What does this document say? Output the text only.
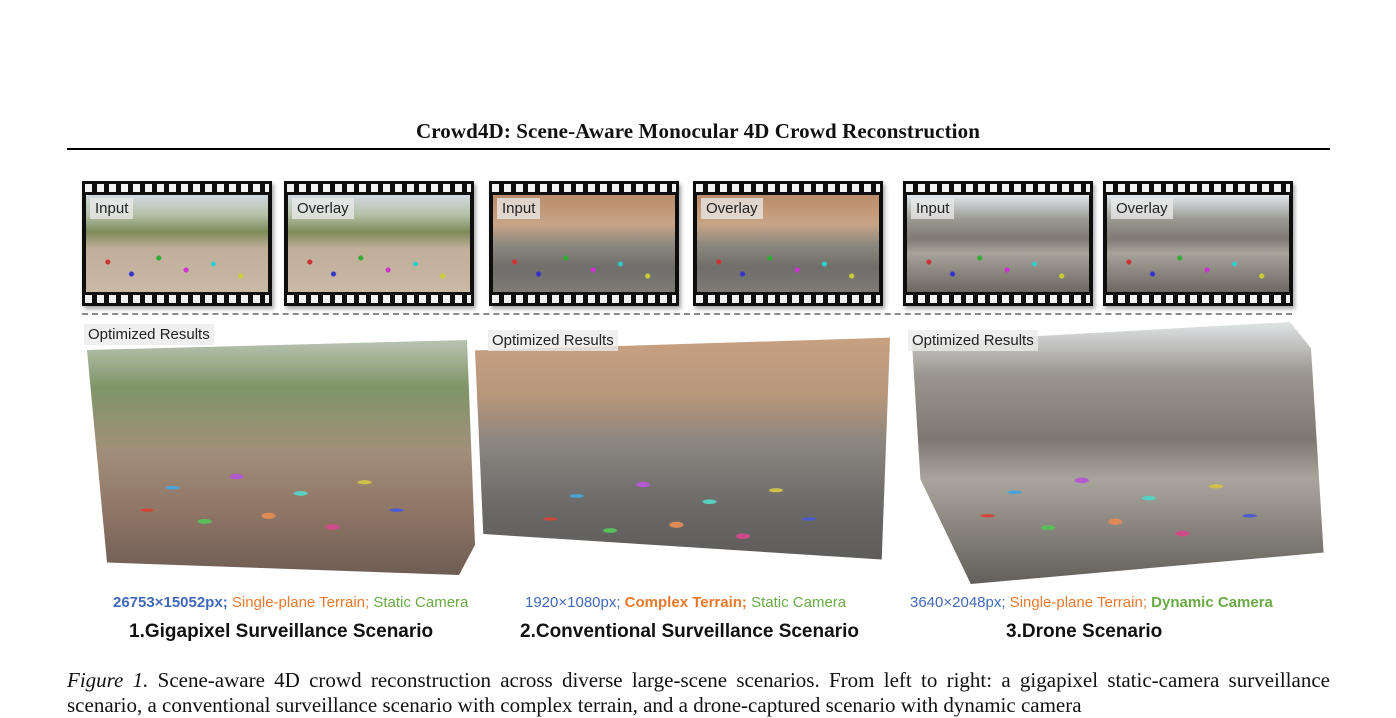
Crowd4D: Scene-Aware Monocular 4D Crowd Reconstruction
Input	Overlay	Input	Overlay	Input	Overlay
Optimized Results	Optimized Results	Optimized Results
26753×15052px; Single-plane Terrain; Static Camera	1920×1080px; Complex Terrain; Static Camera	3640×2048px; Single-plane Terrain; Dynamic Camera
1.Gigapixel Surveillance Scenario	2.Conventional Surveillance Scenario	3.Drone Scenario
Figure 1. Scene-aware 4D crowd reconstruction across diverse large-scene scenarios. From left to right: a gigapixel static-camera surveillance scenario, a conventional surveillance scenario with complex terrain, and a drone-captured scenario with dynamic camera
